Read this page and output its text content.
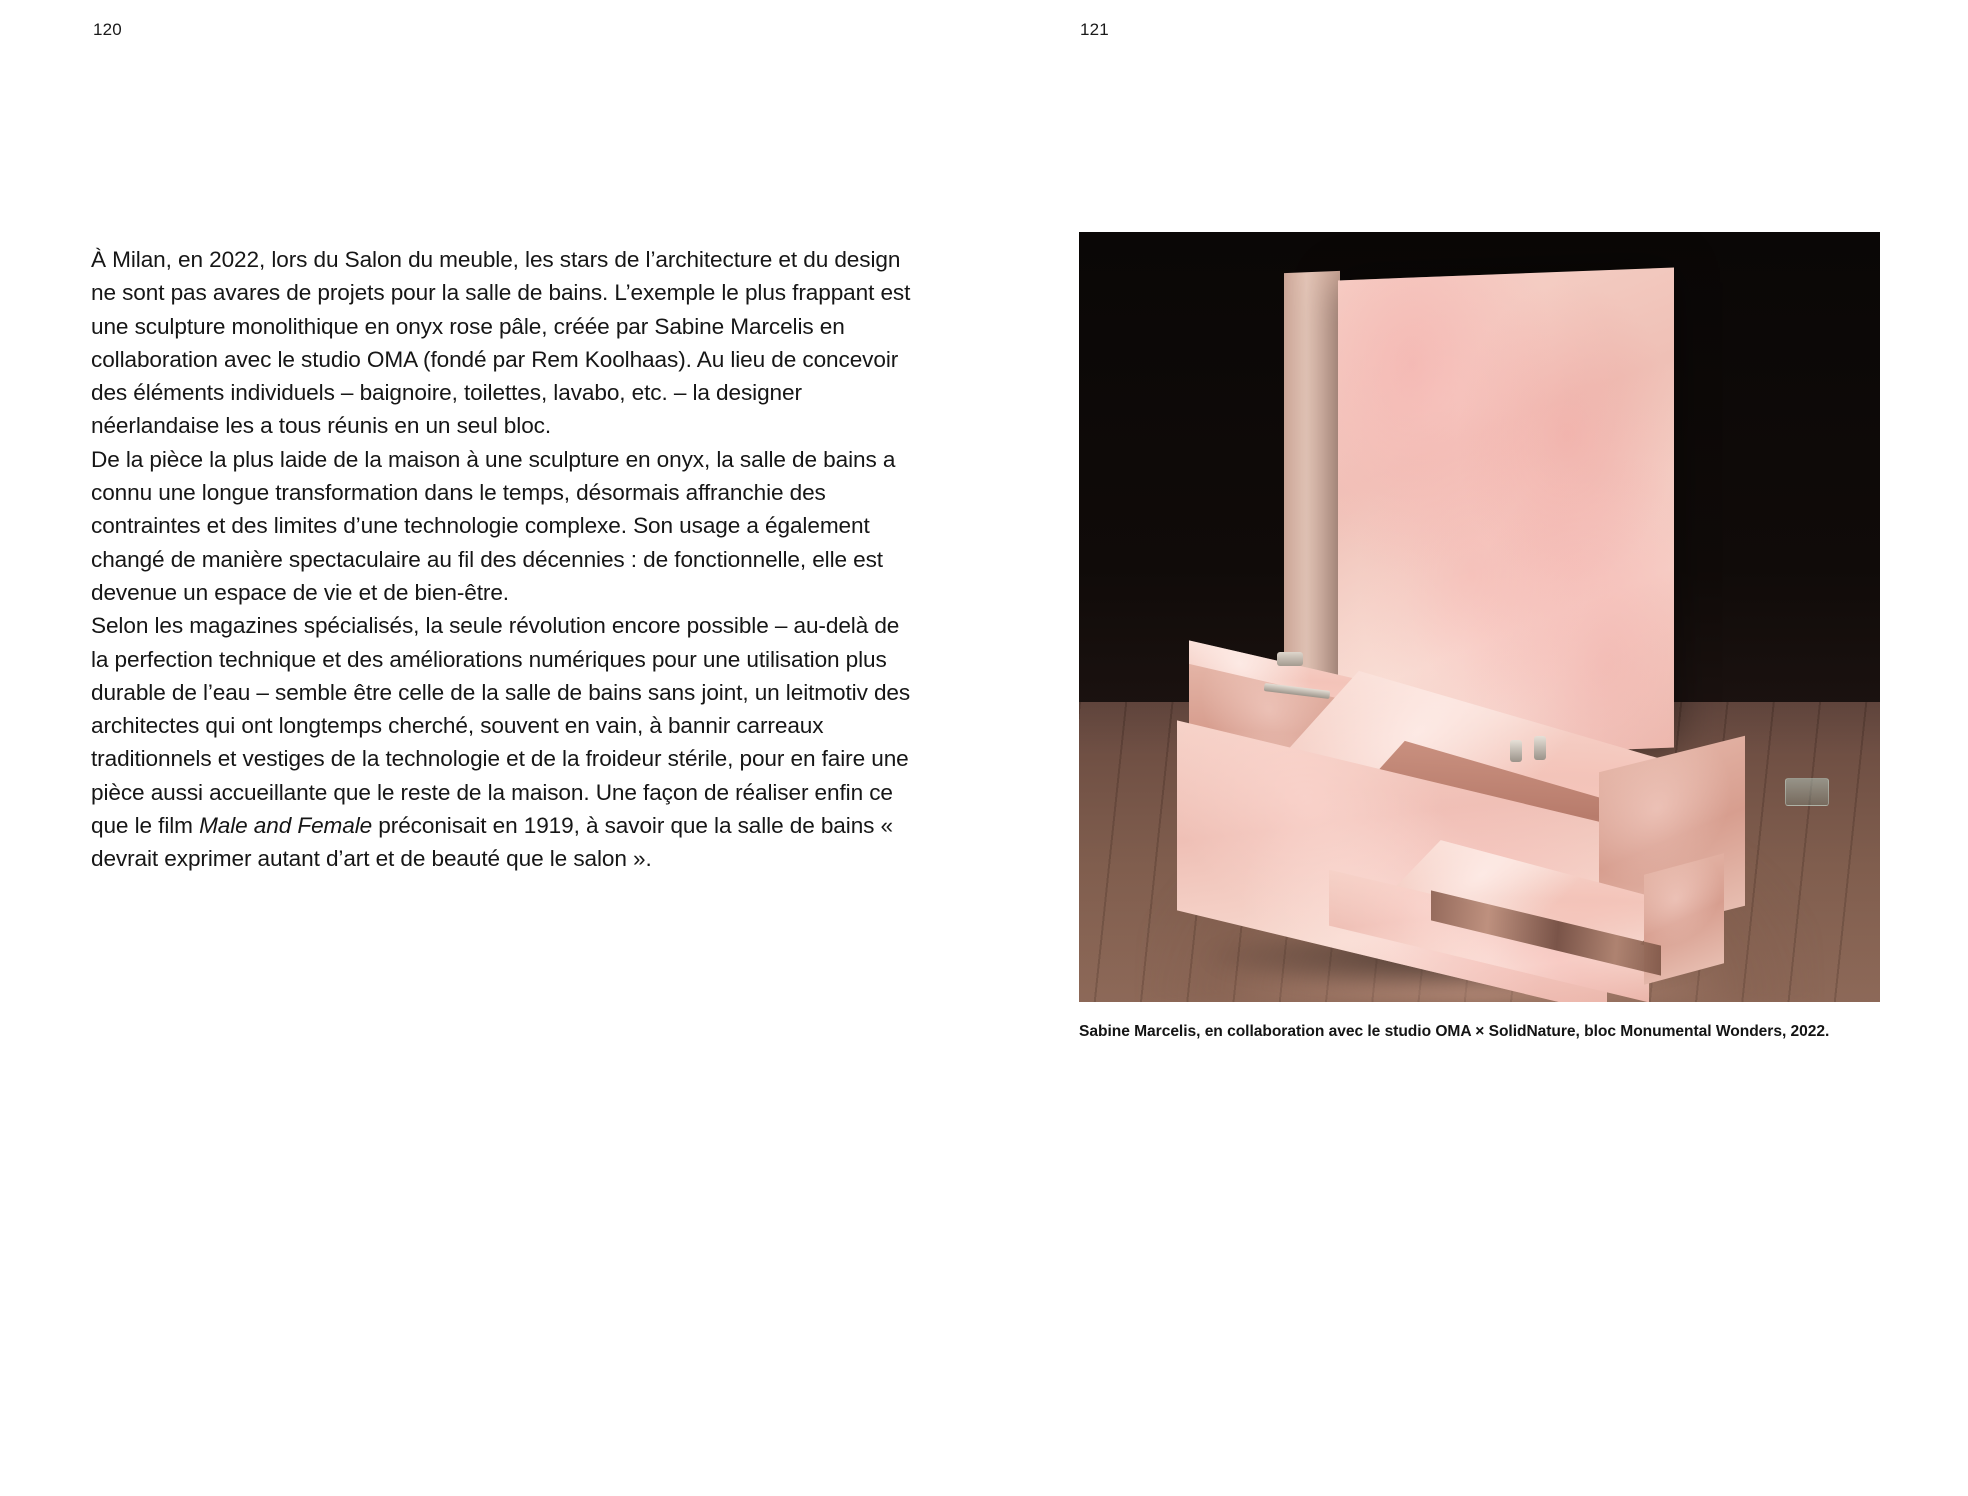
120	121

À Milan, en 2022, lors du Salon du meuble, les stars de l’architecture et du design ne sont pas avares de projets pour la salle de bains. L’exemple le plus frappant est une sculpture monolithique en onyx rose pâle, créée par Sabine Marcelis en collaboration avec le studio OMA (fondé par Rem Koolhaas). Au lieu de concevoir des éléments individuels – baignoire, toilettes, lavabo, etc. – la designer néerlandaise les a tous réunis en un seul bloc.

De la pièce la plus laide de la maison à une sculpture en onyx, la salle de bains a connu une longue transformation dans le temps, désormais affranchie des contraintes et des limites d’une technologie complexe. Son usage a également changé de manière spectaculaire au fil des décennies : de fonctionnelle, elle est devenue un espace de vie et de bien-être.

Selon les magazines spécialisés, la seule révolution encore possible – au-delà de la perfection technique et des améliorations numériques pour une utilisation plus durable de l’eau – semble être celle de la salle de bains sans joint, un leitmotiv des architectes qui ont longtemps cherché, souvent en vain, à bannir carreaux traditionnels et vestiges de la technologie et de la froideur stérile, pour en faire une pièce aussi accueillante que le reste de la maison. Une façon de réaliser enfin ce que le film Male and Female préconisait en 1919, à savoir que la salle de bains « devrait exprimer autant d’art et de beauté que le salon ».

Sabine Marcelis, en collaboration avec le studio OMA × SolidNature, bloc Monumental Wonders, 2022.
